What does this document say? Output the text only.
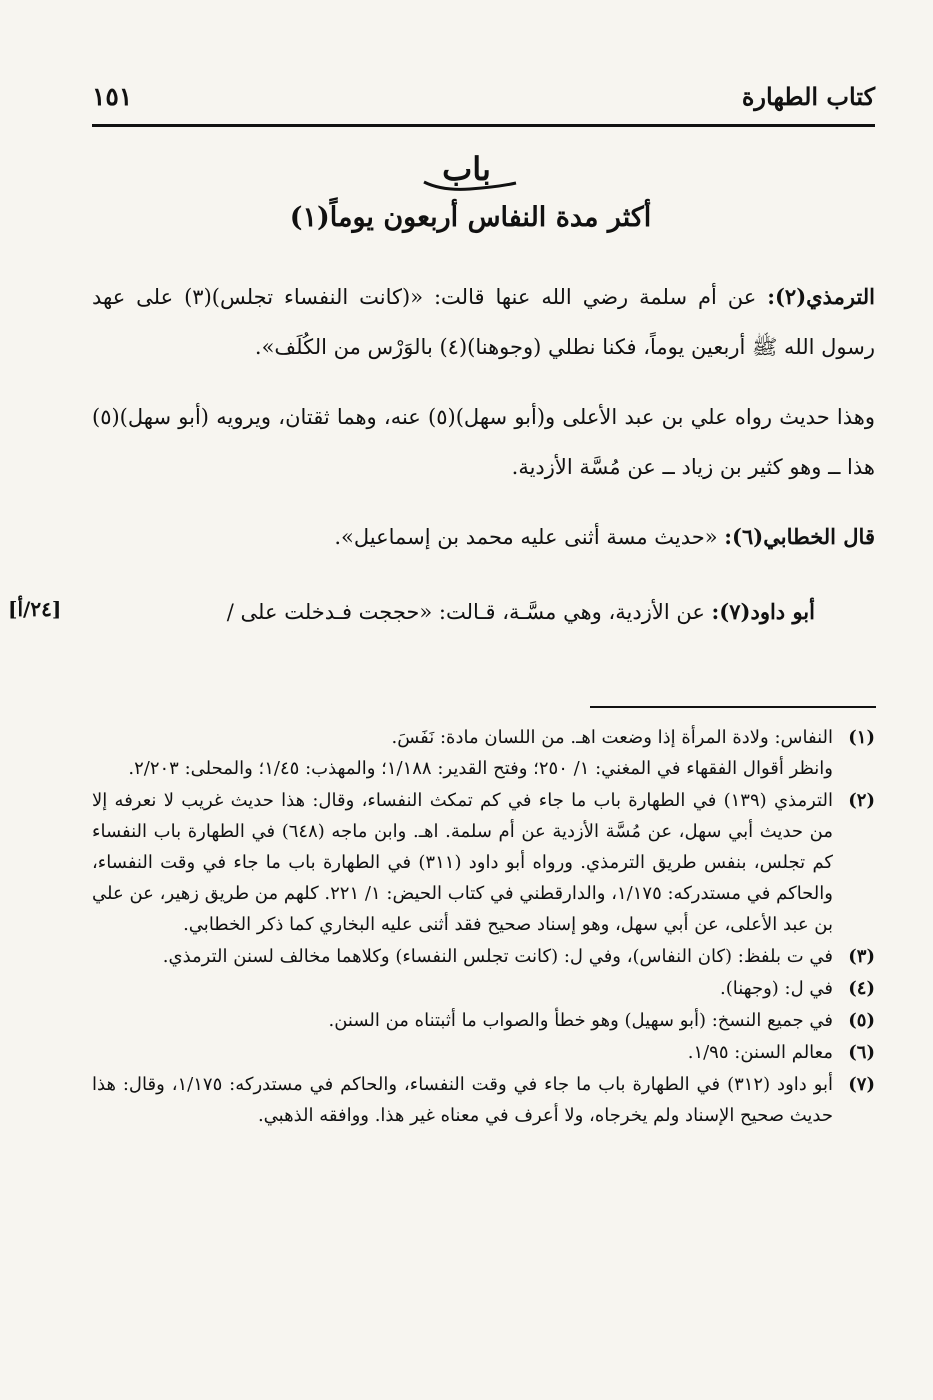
كتاب الطهارة
١٥١
باب
أكثر مدة النفاس أربعون يوماً(١)
الترمذي(٢): عن أم سلمة رضي الله عنها قالت: «(كانت النفساء تجلس)(٣) على عهد رسول الله ﷺ أربعين يوماً، فكنا نطلي (وجوهنا)(٤) بالوَرْس من الكُلَف».
وهذا حديث رواه علي بن عبد الأعلى و(أبو سهل)(٥) عنه، وهما ثقتان، ويرويه (أبو سهل)(٥) هذا ــ وهو كثير بن زياد ــ عن مُسَّة الأزدية.
قال الخطابي(٦): «حديث مسة أثنى عليه محمد بن إسماعيل».
أبو داود(٧): عن الأزدية، وهي مسَّـة، قـالت: «حججت فـدخلت على /
[٢٤/أ]
(١)

النفاس: ولادة المرأة إذا وضعت اهـ. من اللسان مادة: نَفَسَ.

وانظر أقوال الفقهاء في المغني: ١/ ٢٥٠؛ وفتح القدير: ١/١٨٨؛ والمهذب: ١/٤٥؛ والمحلى: ٢/٢٠٣.

(٢)

الترمذي (١٣٩) في الطهارة باب ما جاء في كم تمكث النفساء، وقال: هذا حديث غريب لا نعرفه إلا من حديث أبي سهل، عن مُسَّة الأزدية عن أم سلمة. اهـ. وابن ماجه (٦٤٨) في الطهارة باب النفساء كم تجلس، بنفس طريق الترمذي. ورواه أبو داود (٣١١) في الطهارة باب ما جاء في وقت النفساء، والحاكم في مستدركه: ١/١٧٥، والدارقطني في كتاب الحيض: ١/ ٢٢١. كلهم من طريق زهير، عن علي بن عبد الأعلى، عن أبي سهل، وهو إسناد صحيح فقد أثنى عليه البخاري كما ذكر الخطابي.

(٣)

في ت بلفظ: (كان النفاس)، وفي ل: (كانت تجلس النفساء) وكلاهما مخالف لسنن الترمذي.

(٤)

في ل: (وجهنا).

(٥)

في جميع النسخ: (أبو سهيل) وهو خطأ والصواب ما أثبتناه من السنن.

(٦)

معالم السنن: ١/٩٥.

(٧)

أبو داود (٣١٢) في الطهارة باب ما جاء في وقت النفساء، والحاكم في مستدركه: ١/١٧٥، وقال: هذا حديث صحيح الإسناد ولم يخرجاه، ولا أعرف في معناه غير هذا. ووافقه الذهبي.
